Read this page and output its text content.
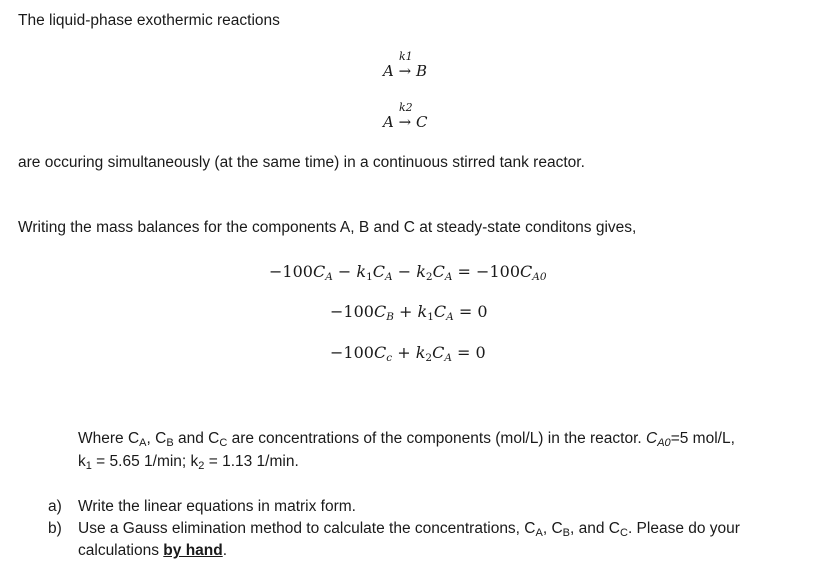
The liquid-phase exothermic reactions
k1
A → B
k2
A → C
are occuring simultaneously (at the same time) in a continuous stirred tank reactor.
Writing the mass balances for the components A, B and C at steady-state conditons gives,
$-100C_A - k_1C_A - k_2C_A = -100C_{A0}$
$-100C_B + k_1C_A = 0$
$-100C_c + k_2C_A = 0$
Where $C_A$, $C_B$ and $C_C$ are concentrations of the components (mol/L) in the reactor. $C_{A0}=5$ mol/L,
$k_1 = 5.65$ 1/min; $k_2 = 1.13$ 1/min.
a) Write the linear equations in matrix form.
b) Use a Gauss elimination method to calculate the concentrations, $C_A$, $C_B$, and $C_C$. Please do your
calculations by hand.
